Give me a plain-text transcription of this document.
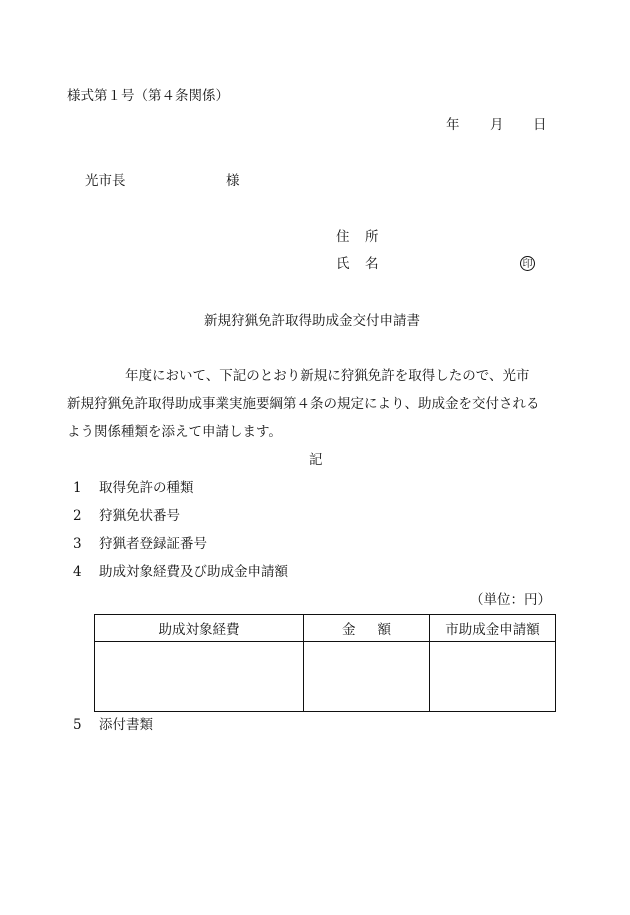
様式第１号（第４条関係）
年 月 日
光市長	様
住 所
氏 名	印
新規狩猟免許取得助成金交付申請書
年度において、下記のとおり新規に狩猟免許を取得したので、光市
新規狩猟免許取得助成事業実施要綱第４条の規定により、助成金を交付される
よう関係種類を添えて申請します。
記
1 取得免許の種類
2 狩猟免状番号
3 狩猟者登録証番号
4 助成対象経費及び助成金申請額
（単位：円）
助成対象経費	金 額	市助成金申請額

5 添付書類
